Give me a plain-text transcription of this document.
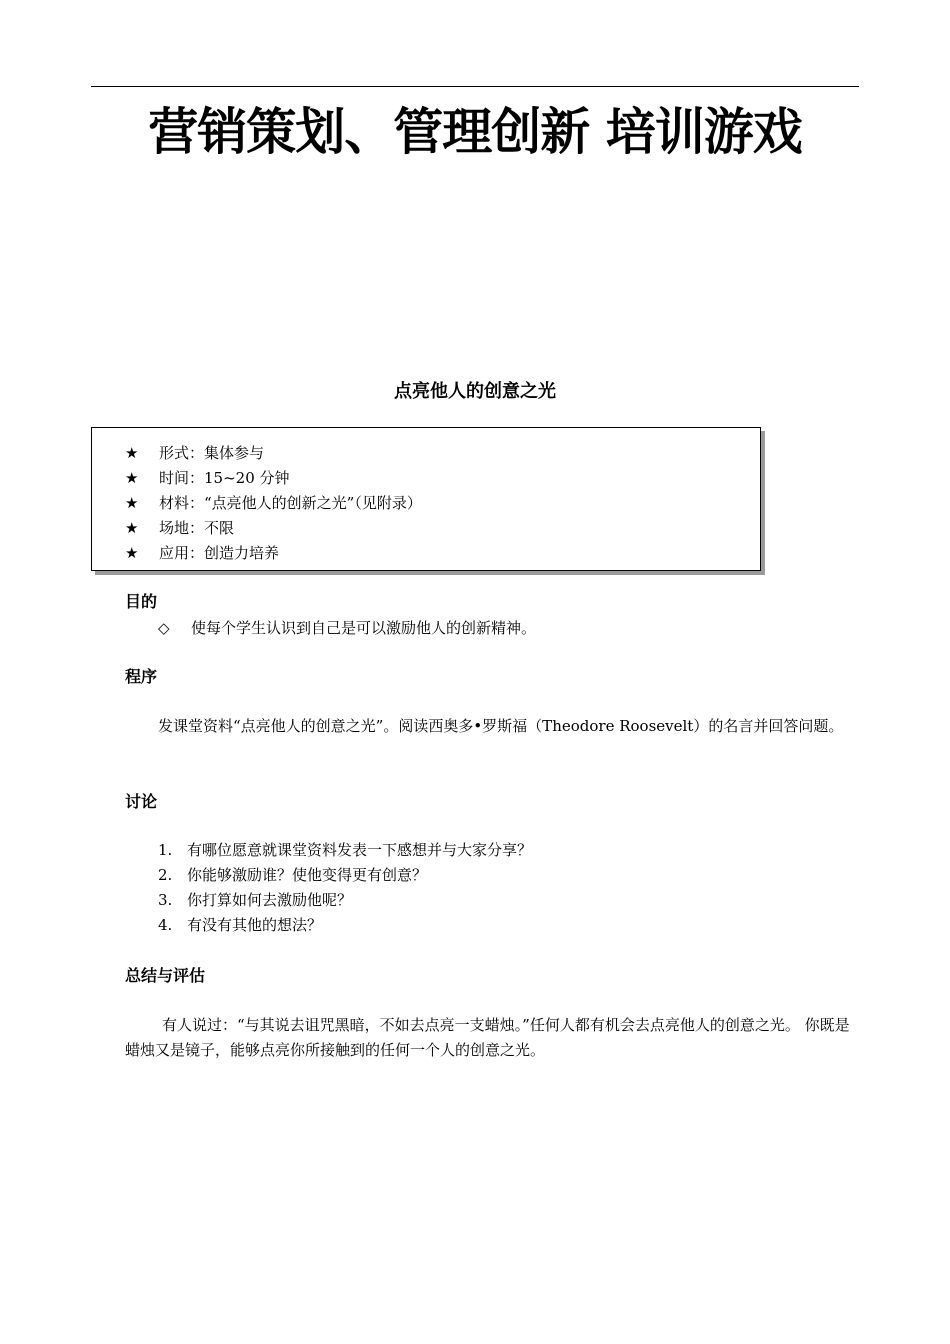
营销策划、管理创新 培训游戏
点亮他人的创意之光
★ 形式：集体参与
★ 时间：15~20 分钟
★ 材料：“点亮他人的创新之光”（见附录）
★ 场地：不限
★ 应用：创造力培养
目的
◇ 使每个学生认识到自己是可以激励他人的创新精神。
程序
发课堂资料“点亮他人的创意之光”。阅读西奥多•罗斯福（Theodore Roosevelt）的名言并回答问题。
讨论
1. 有哪位愿意就课堂资料发表一下感想并与大家分享？
2. 你能够激励谁？使他变得更有创意？
3. 你打算如何去激励他呢？
4. 有没有其他的想法？
总结与评估
有人说过：“与其说去诅咒黑暗，不如去点亮一支蜡烛。”任何人都有机会去点亮他人的创意之光。 你既是蜡烛又是镜子，能够点亮你所接触到的任何一个人的创意之光。
